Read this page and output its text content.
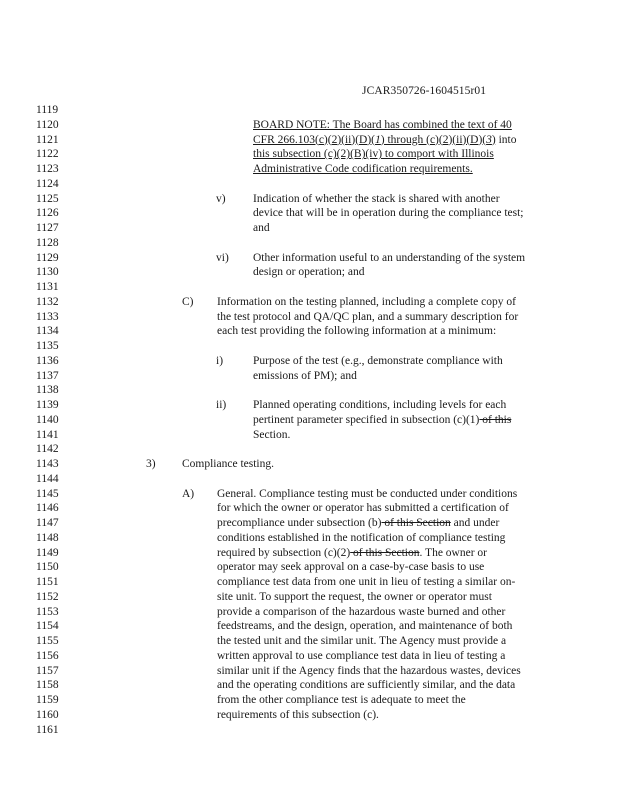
JCAR350726-1604515r01
1119
1120
1121
1122
1123
1124
1125
1126
1127
1128
1129
1130
1131
1132
1133
1134
1135
1136
1137
1138
1139
1140
1141
1142
1143
1144
1145
1146
1147
1148
1149
1150
1151
1152
1153
1154
1155
1156
1157
1158
1159
1160
1161
BOARD NOTE: The Board has combined the text of 40
CFR 266.103(c)(2)(ii)(D)(1) through (c)(2)(ii)(D)(3) into
this subsection (c)(2)(B)(iv) to comport with Illinois
Administrative Code codification requirements.
v) Indication of whether the stack is shared with another
device that will be in operation during the compliance test;
and
vi) Other information useful to an understanding of the system
design or operation; and
C) Information on the testing planned, including a complete copy of
the test protocol and QA/QC plan, and a summary description for
each test providing the following information at a minimum:
i)	Purpose of the test (e.g., demonstrate compliance with
emissions of PM); and
ii) Planned operating conditions, including levels for each
pertinent parameter specified in subsection (c)(1) of this
Section.
3) Compliance testing.
A) General. Compliance testing must be conducted under conditions
for which the owner or operator has submitted a certification of
precompliance under subsection (b) of this Section and under
conditions established in the notification of compliance testing
required by subsection (c)(2) of this Section. The owner or
operator may seek approval on a case-by-case basis to use
compliance test data from one unit in lieu of testing a similar on-
site unit. To support the request, the owner or operator must
provide a comparison of the hazardous waste burned and other
feedstreams, and the design, operation, and maintenance of both
the tested unit and the similar unit. The Agency must provide a
written approval to use compliance test data in lieu of testing a
similar unit if the Agency finds that the hazardous wastes, devices
and the operating conditions are sufficiently similar, and the data
from the other compliance test is adequate to meet the
requirements of this subsection (c).
